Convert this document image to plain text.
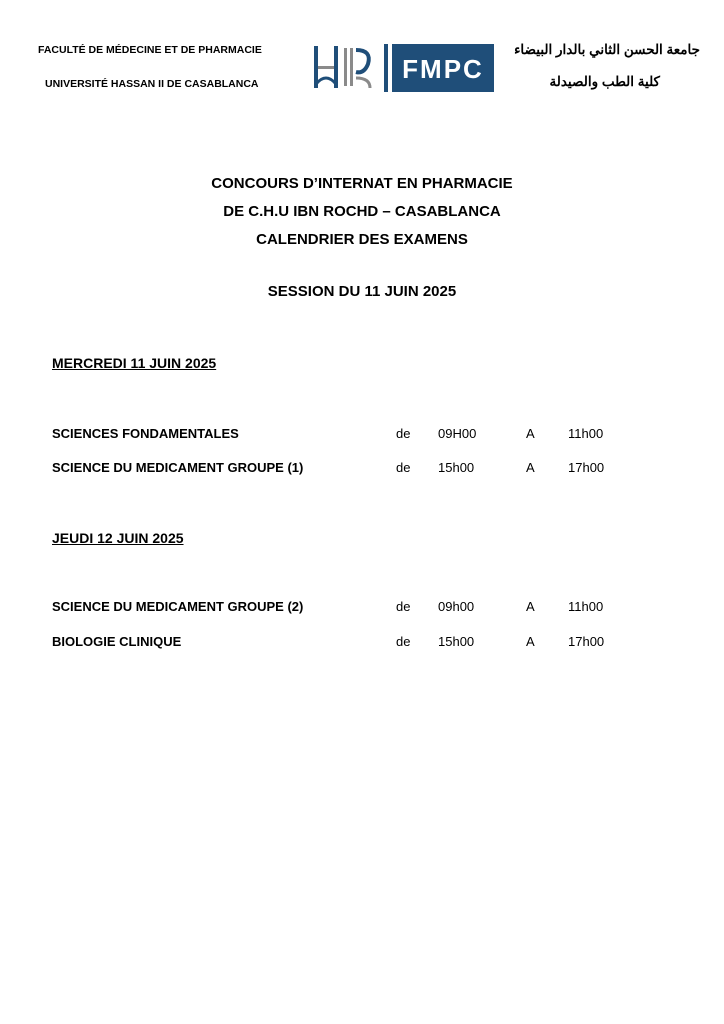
FACULTÉ DE MÉDECINE ET DE PHARMACIE
UNIVERSITÉ HASSAN II DE CASABLANCA	FMPC
جامعة الحسن الثاني بالدار البيضاء
كلية الطب والصيدلة
CONCOURS D’INTERNAT EN PHARMACIE
DE C.H.U IBN ROCHD – CASABLANCA
CALENDRIER DES EXAMENS
SESSION DU 11 JUIN 2025
MERCREDI 11 JUIN 2025
SCIENCES FONDAMENTALES	de 09H00	A	11h00
SCIENCE DU MEDICAMENT GROUPE (1)	de 15h00	A	17h00
JEUDI 12 JUIN 2025
SCIENCE DU MEDICAMENT GROUPE (2)	de 09h00	A	11h00
BIOLOGIE CLINIQUE	de 15h00	A	17h00
